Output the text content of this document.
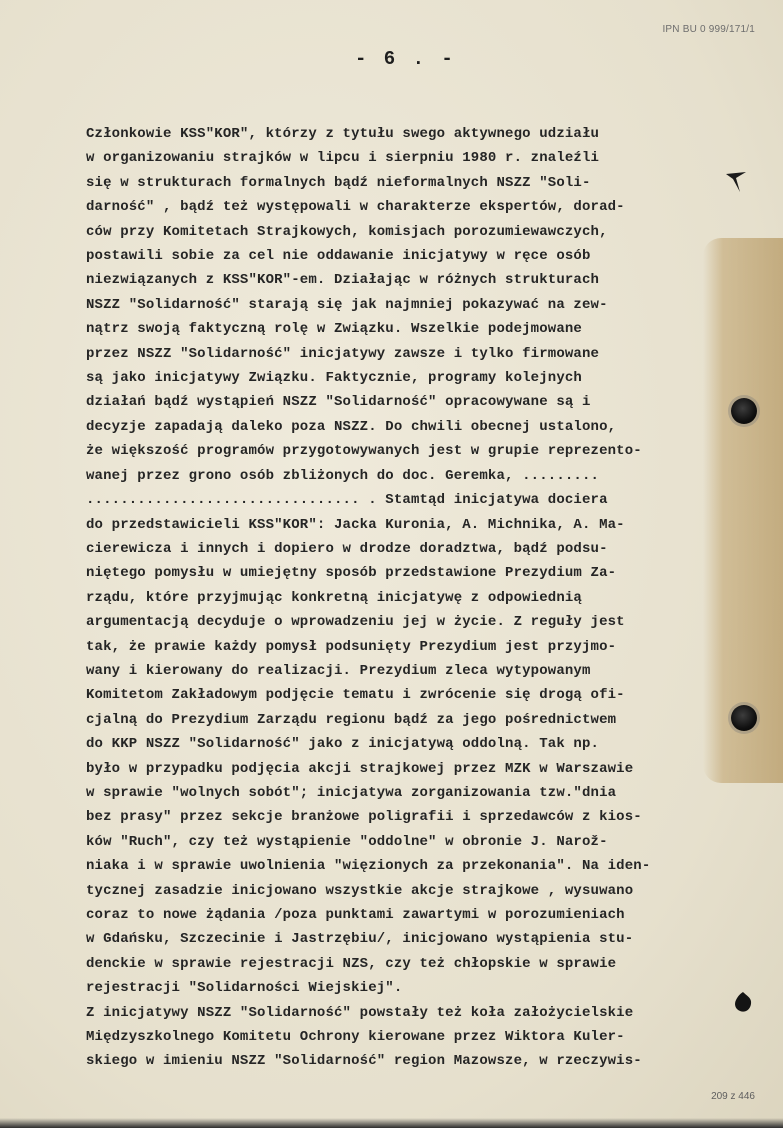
IPN BU 0 999/171/1
- 6 . -
Członkowie KSS"KOR", którzy z tytułu swego aktywnego udziału
w organizowaniu strajków w lipcu i sierpniu 1980 r. znaleźli
się w strukturach formalnych bądź nieformalnych NSZZ "Soli-
darność" , bądź też występowali w charakterze ekspertów, dorad-
ców przy Komitetach Strajkowych, komisjach porozumiewawczych,
postawili sobie za cel nie oddawanie inicjatywy w ręce osób
niezwiązanych z KSS"KOR"-em. Działając w różnych strukturach
NSZZ "Solidarność" starają się jak najmniej pokazywać na zew-
nątrz swoją faktyczną rolę w Związku. Wszelkie podejmowane
przez NSZZ "Solidarność" inicjatywy zawsze i tylko firmowane
są jako inicjatywy Związku. Faktycznie, programy kolejnych
działań bądź wystąpień NSZZ "Solidarność" opracowywane są i
decyzje zapadają daleko poza NSZZ. Do chwili obecnej ustalono,
że większość programów przygotowywanych jest w grupie reprezento-
wanej przez grono osób zbliżonych do doc. Geremka, .........
................................ . Stamtąd inicjatywa dociera
do przedstawicieli KSS"KOR": Jacka Kuronia, A. Michnika, A. Ma-
cierewicza i innych i dopiero w drodze doradztwa, bądź podsu-
niętego pomysłu w umiejętny sposób przedstawione Prezydium Za-
rządu, które przyjmując konkretną inicjatywę z odpowiednią
argumentacją decyduje o wprowadzeniu jej w życie. Z reguły jest
tak, że prawie każdy pomysł podsunięty Prezydium jest przyjmo-
wany i kierowany do realizacji. Prezydium zleca wytypowanym
Komitetom Zakładowym podjęcie tematu i zwrócenie się drogą ofi-
cjalną do Prezydium Zarządu regionu bądź za jego pośrednictwem
do KKP NSZZ "Solidarność" jako z inicjatywą oddolną. Tak np.
było w przypadku podjęcia akcji strajkowej przez MZK w Warszawie
w sprawie "wolnych sobót"; inicjatywa zorganizowania tzw."dnia
bez prasy" przez sekcje branżowe poligrafii i sprzedawców z kios-
ków "Ruch", czy też wystąpienie "oddolne" w obronie J. Narož-
niaka i w sprawie uwolnienia "więzionych za przekonania". Na iden-
tycznej zasadzie inicjowano wszystkie akcje strajkowe , wysuwano
coraz to nowe żądania /poza punktami zawartymi w porozumieniach
w Gdańsku, Szczecinie i Jastrzębiu/, inicjowano wystąpienia stu-
denckie w sprawie rejestracji NZS, czy też chłopskie w sprawie
rejestracji "Solidarności Wiejskiej".
Z inicjatywy NSZZ "Solidarność" powstały też koła założycielskie
Międzyszkolnego Komitetu Ochrony kierowane przez Wiktora Kuler-
skiego w imieniu NSZZ "Solidarność" region Mazowsze, w rzeczywis-
209 z 446
